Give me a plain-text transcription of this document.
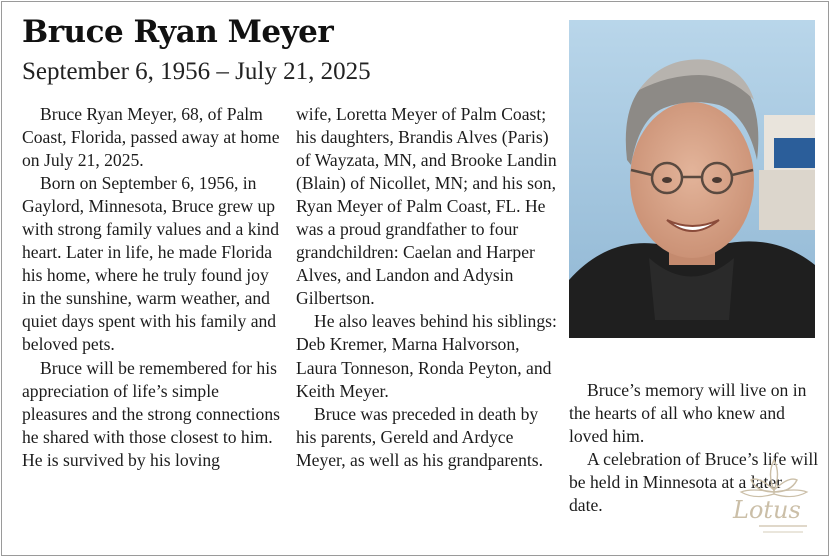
Bruce Ryan Meyer
September 6, 1956 – July 21, 2025

Bruce Ryan Meyer, 68, of Palm Coast, Florida, passed away at home on July 21, 2025.

Born on September 6, 1956, in Gaylord, Minnesota, Bruce grew up with strong family values and a kind heart. Later in life, he made Florida his home, where he truly found joy in the sunshine, warm weather, and quiet days spent with his family and beloved pets.

Bruce will be remembered for his appreciation of life’s simple pleasures and the strong connections he shared with those closest to him.

He is survived by his loving

wife, Loretta Meyer of Palm Coast; his daughters, Brandis Alves (Paris) of Wayzata, MN, and Brooke Landin (Blain) of Nicollet, MN; and his son, Ryan Meyer of Palm Coast, FL. He was a proud grandfather to four grandchildren: Caelan and Harper Alves, and Landon and Adysin Gilbertson.

He also leaves behind his siblings: Deb Kremer, Marna Halvorson, Laura Tonneson, Ronda Peyton, and Keith Meyer.

Bruce was preceded in death by his parents, Gereld and Ardyce Meyer, as well as his grandparents.

Bruce’s memory will live on in the hearts of all who knew and loved him.

A celebration of Bruce’s life will be held in Minnesota at a later date.	Lotus
